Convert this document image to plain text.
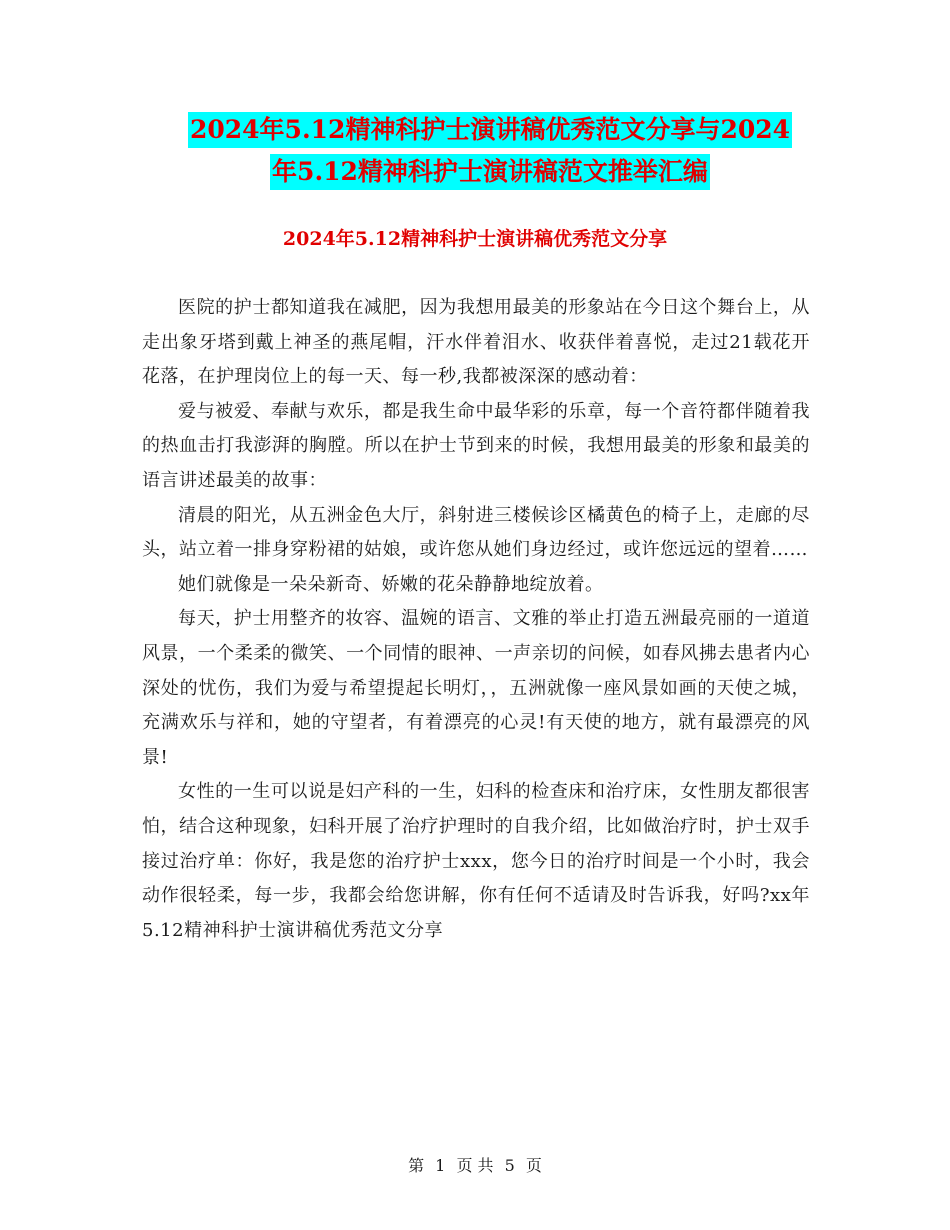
2024年5.12精神科护士演讲稿优秀范文分享与2024
年5.12精神科护士演讲稿范文推举汇编
2024年5.12精神科护士演讲稿优秀范文分享

医院的护士都知道我在减肥，因为我想用最美的形象站在今日这个舞台上，从走出象牙塔到戴上神圣的燕尾帽，汗水伴着泪水、收获伴着喜悦，走过21载花开花落，在护理岗位上的每一天、每一秒,我都被深深的感动着：

爱与被爱、奉献与欢乐，都是我生命中最华彩的乐章，每一个音符都伴随着我的热血击打我澎湃的胸膛。所以在护士节到来的时候，我想用最美的形象和最美的语言讲述最美的故事：

清晨的阳光，从五洲金色大厅，斜射进三楼候诊区橘黄色的椅子上，走廊的尽头，站立着一排身穿粉裙的姑娘，或许您从她们身边经过，或许您远远的望着……

她们就像是一朵朵新奇、娇嫩的花朵静静地绽放着。

每天，护士用整齐的妆容、温婉的语言、文雅的举止打造五洲最亮丽的一道道风景，一个柔柔的微笑、一个同情的眼神、一声亲切的问候，如春风拂去患者内心深处的忧伤，我们为爱与希望提起长明灯，，五洲就像一座风景如画的天使之城，充满欢乐与祥和，她的守望者，有着漂亮的心灵!有天使的地方，就有最漂亮的风景!

女性的一生可以说是妇产科的一生，妇科的检查床和治疗床，女性朋友都很害怕，结合这种现象，妇科开展了治疗护理时的自我介绍，比如做治疗时，护士双手接过治疗单：你好，我是您的治疗护士xxx，您今日的治疗时间是一个小时，我会动作很轻柔，每一步，我都会给您讲解，你有任何不适请及时告诉我，好吗?xx年5.12精神科护士演讲稿优秀范文分享

第 1 页 共 5 页
